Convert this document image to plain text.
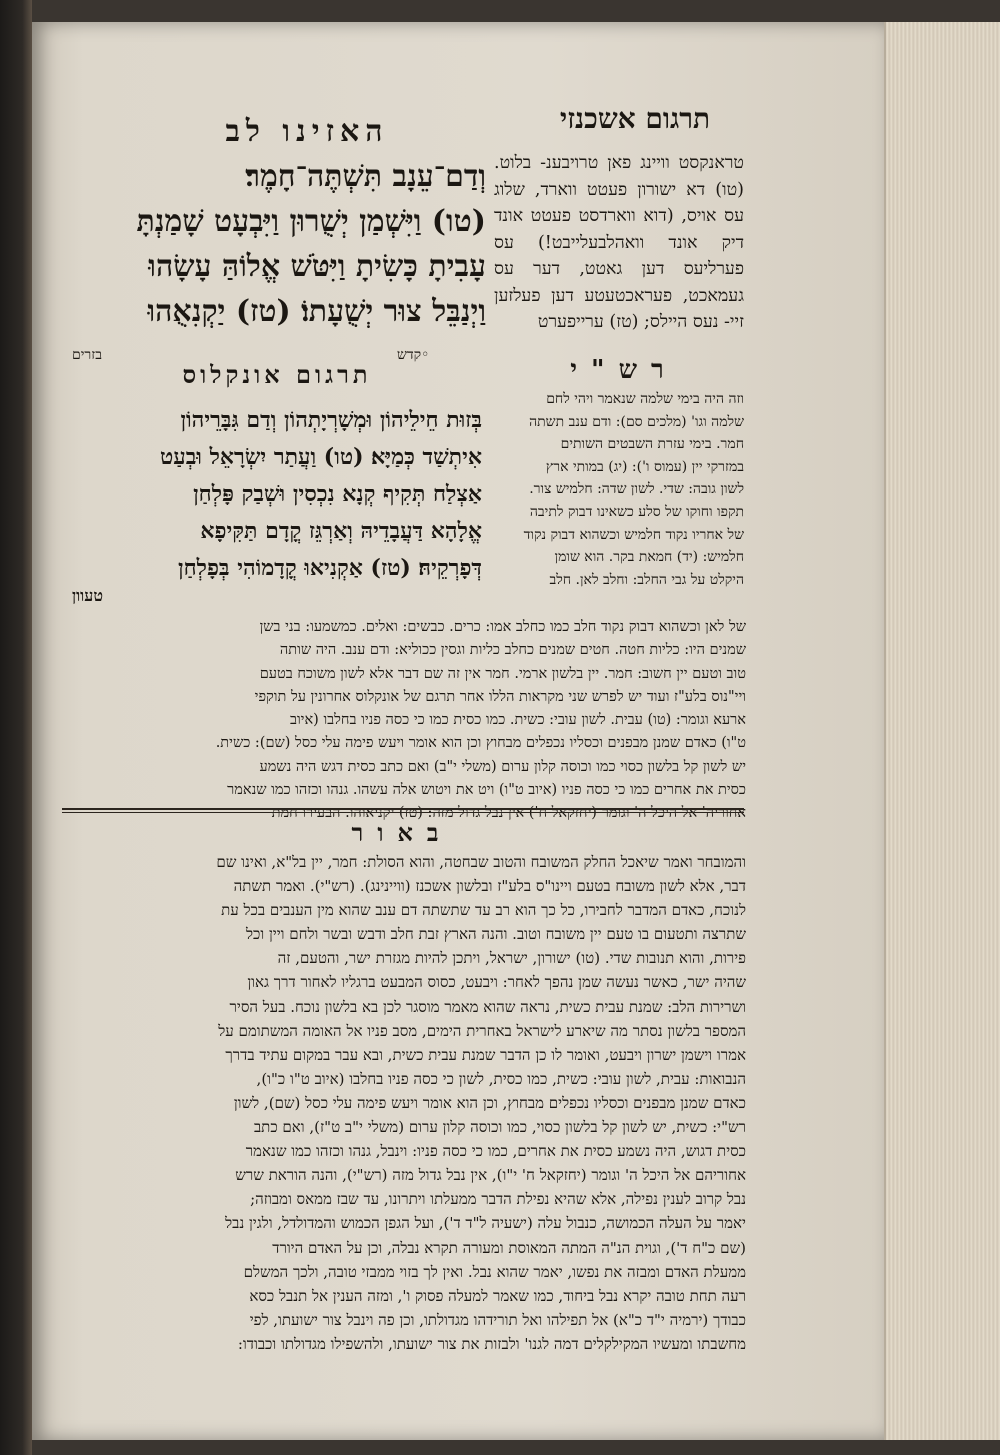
תרגום אשכנזי
האזינו לב
טראנקסט וויינג פאן טרויבענ- בלוט. (טו) דא ישורון פעטט ווארד, שלוג עס אויס, (דוא ווארדסט פעטט אונד דיק אונד וואהלבעלייבט!) עס פערליעס דען גאטט, דער עס געמאכט, פעראכטעטע דען פעלזען זיי- נעס היילס; (טז) ערייפערט
וְדַם־עֵנָב תִּשְׁתֶּה־חָמֶר׃
(טו) וַיִּשְׁמַן יְשֻׁרוּן וַיִּבְעָט שָׁמַנְתָּ
עָבִיתָ כָּשִׂיתָ וַיִּטֹּשׁ אֱלוֹהַּ עָשָׂהוּ
וַיְנַבֵּל צוּר יְשֻׁעָתוֹ׃ (טז) יַקְנִאֻהוּ
◦קדש
בזרים	רש"י
תרגום אונקלוס
בְּזוּת חֵילֵיהוֹן וּמְשָׁרְיָתְהוֹן וְדַם גִּבָּרֵיהוֹן
אִיתְשַׁד כְּמַיָּא׃ (טו) וַעֲתַר יִשְׂרָאֵל וּבְעַט
אַצְלַח תְּקִיף קְנָא נִכְסִין וּשְׁבַק פָּלְחַן
אֱלָהָא דַּעֲבָדֵיהּ וְאַרְגֵּז קֳדָם תַּקִּיפָא
דְּפָרְקֵיהּ׃ (טז) אַקְנִיאוּ קֳדָמוֹהִי בְּפָלְחַן
טעוון
וזה היה בימי שלמה שנאמר ויהי לחם
שלמה וגו' (מלכים סם): ודם ענב תשתה
חמר. בימי עזרת השבטים השותים
במזרקי יין (עמוס ו'): (יג) במותי ארץ
לשון גובה: שדי. לשון שדה: חלמיש צור.
תקפו וחוקו של סלע כשאינו דבוק לתיבה
של אחריו נקוד חלמיש וכשהוא דבוק נקוד
חלמיש: (יד) חמאת בקר. הוא שומן
היקלט על גבי החלב: וחלב לאן. חלב
של לאן וכשהוא דבוק נקוד חלב כמו כחלב אמו: כרים. כבשים: ואלים. כמשמעו: בני בשן
שמנים היו: כליות חטה. חטים שמנים כחלב כליות וגסין ככוליא: ודם ענב. היה שותה
טוב וטעם יין חשוב: חמר. יין בלשון ארמי. חמר אין זה שם דבר אלא לשון משוכח בטעם
ויי"נוס בלע"ז ועוד יש לפרש שני מקראות הללו אחר תרגם של אונקלוס אחרונין על תוקפי
ארעא וגומר: (טו) עבית. לשון עובי: כשית. כמו כסית כמו כי כסה פניו בחלבו (איוב
ט"ו) כאדם שמנן מבפנים וכסליו נכפלים מבחוץ וכן הוא אומר ויעש פימה עלי כסל (שם): כשית.
יש לשון קל בלשון כסוי כמו וכוסה קלון ערום (משלי י"ב) ואם כתב כסית דגש היה נשמע
כסית את אחרים כמו כי כסה פניו (איוב ט"ו) ויט את ויטוש אלה עשהו. גנהו וכזהו כמו שנאמר
אחוריה' אל היכל ה' וגומר (יחזקאל ח') אין נבל גדול מזה: (טז) יקניאוהו. הבעירו חמת
באור
והמובחר ואמר שיאכל החלק המשובח והטוב שבחטה, והוא הסולת: חמר, יין בל"א, ואינו שם
דבר, אלא לשון משובח בטעם ויינו"ס בלע"ז ובלשון אשכנז (וויינינג). (רש"י). ואמר תשתה
לנוכח, כאדם המדבר לחבירו, כל כך הוא רב עד שתשתה דם ענב שהוא מין הענבים בכל עת
שתרצה ותטעום בו טעם יין משובח וטוב. והנה הארץ זבת חלב ודבש ובשר ולחם ויין וכל
פירות, והוא תנובות שדי. (טו) ישורון, ישראל, ויתכן להיות מגזרת ישר, והטעם, זה
שהיה ישר, כאשר נעשה שמן נהפך לאחר: ויבעט, כסוס המבעט ברגליו לאחור דרך גאון
ושרירות הלב: שמנת עבית כשית, נראה שהוא מאמר מוסגר לכן בא בלשון נוכח. בעל הסיר
המספר בלשון נסתר מה שיארע לישראל באחרית הימים, מסב פניו אל האומה המשתומם על
אמרו וישמן ישרון ויבעט, ואומר לו כן הדבר שמנת עבית כשית, ובא עבר במקום עתיד בדרך
הנבואות: עבית, לשון עובי: כשית, כמו כסית, לשון כי כסה פניו בחלבו (איוב ט"ו כ"ו),
כאדם שמנן מבפנים וכסליו נכפלים מבחוץ, וכן הוא אומר ויעש פימה עלי כסל (שם), לשון
רש"י: כשית, יש לשון קל בלשון כסוי, כמו וכוסה קלון ערום (משלי י"ב ט"ז), ואם כתב
כסית דגוש, היה נשמע כסית את אחרים, כמו כי כסה פניו: וינבל, גנהו וכזהו כמו שנאמר
אחוריהם אל היכל ה' וגומר (יחזקאל ח' י"ו), אין נבל גדול מזה (רש"י), והנה הוראת שרש
נבל קרוב לענין נפילה, אלא שהיא נפילת הדבר ממעלתו ויתרונו, עד שבז ממאס ומבוזה;
יאמר על העלה הכמושה, כנבול עלה (ישעיה ל"ד ד'), ועל הגפן הכמוש והמדולדל, ולגין נבל
(שם כ"ח ד'), וגוית הנ"ה המתה המאוסת ומעורה תקרא נבלה, וכן על האדם היורד
ממעלת האדם ומבזה את נפשו, יאמר שהוא נבל. ואין לך בזוי ממבזי טובה, ולכך המשלם
רעה תחת טובה יקרא נבל ביחוד, כמו שאמר למעלה פסוק ו', ומזה הענין אל תנבל כסא
כבודך (ירמיה י"ד כ"א) אל תפילהו ואל תורידהו מגדולתו, וכן פה וינבל צור ישועתו, לפי
מחשבתו ומעשיו המקילקלים דמה לגנו' ולבזות את צור ישועתו, ולהשפילו מגדולתו וכבודו:
